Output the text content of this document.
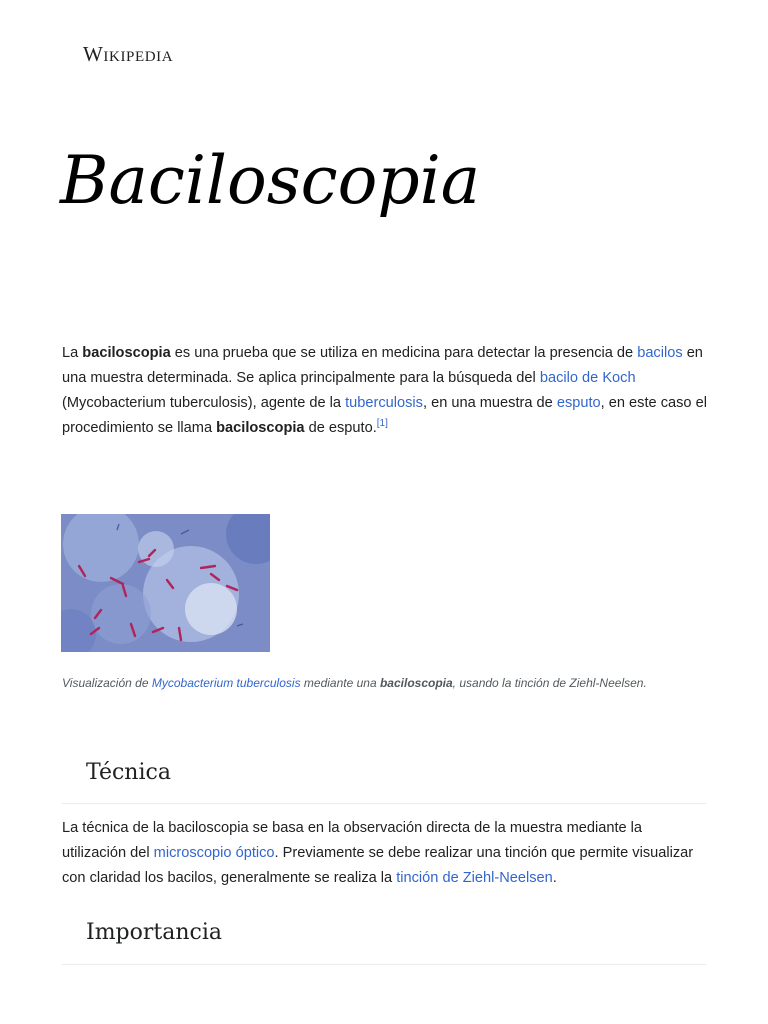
Wikipedia
Baciloscopia

La baciloscopia es una prueba que se utiliza en medicina para detectar la presencia de bacilos en una muestra determinada. Se aplica principalmente para la búsqueda del bacilo de Koch (Mycobacterium tuberculosis), agente de la tuberculosis, en una muestra de esputo, en este caso el procedimiento se llama baciloscopia de esputo.[1]

Visualización de Mycobacterium tuberculosis mediante una baciloscopia, usando la tinción de Ziehl-Neelsen.

Técnica

La técnica de la baciloscopia se basa en la observación directa de la muestra mediante la utilización del microscopio óptico. Previamente se debe realizar una tinción que permite visualizar con claridad los bacilos, generalmente se realiza la tinción de Ziehl-Neelsen.

Importancia
